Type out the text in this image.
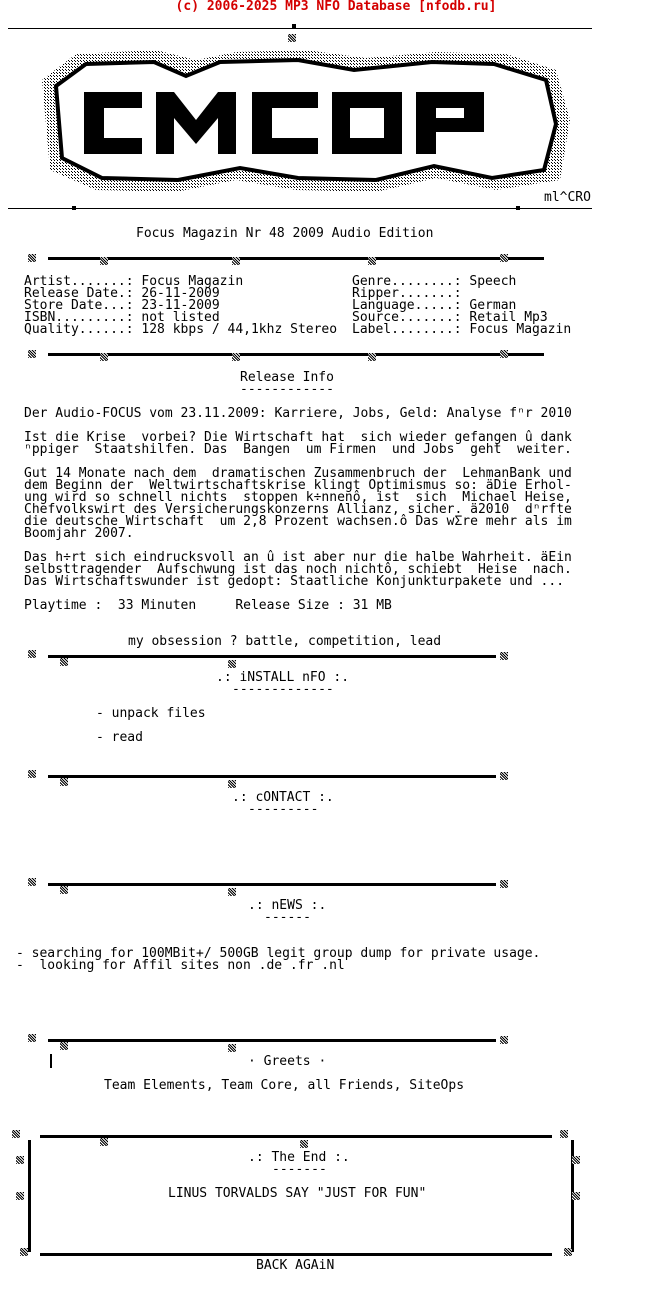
(c) 2006-2025 MP3 NFO Database [nfodb.ru]
ml^CRO
Focus Magazin Nr 48 2009 Audio Edition
Artist.......: Focus Magazin
Release Date.: 26-11-2009
Store Date...: 23-11-2009
ISBN.........: not listed
Quality......: 128 kbps / 44,1khz Stereo
Genre........: Speech
Ripper.......:
Language.....: German
Source.......: Retail Mp3
Label........: Focus Magazin
Release Info
------------
Der Audio-FOCUS vom 23.11.2009: Karriere, Jobs, Geld: Analyse fⁿr 2010
Ist die Krise  vorbei? Die Wirtschaft hat  sich wieder gefangen û dank
ⁿppiger  Staatshilfen. Das  Bangen  um Firmen  und Jobs  geht  weiter.
Gut 14 Monate nach dem  dramatischen Zusammenbruch der  LehmanBank und
dem Beginn der  Weltwirtschaftskrise klingt Optimismus so: äDie Erhol-
ung wird so schnell nichts  stoppen k÷nnenô, ist  sich  Michael Heise,
Chefvolkswirt des Versicherungskonzerns Allianz, sicher. ä2010  dⁿrfte
die deutsche Wirtschaft  um 2,8 Prozent wachsen.ô Das wΣre mehr als im
Boomjahr 2007.
Das h÷rt sich eindrucksvoll an û ist aber nur die halbe Wahrheit. äEin
selbsttragender  Aufschwung ist das noch nichtô, schiebt  Heise  nach.
Das Wirtschaftswunder ist gedopt: Staatliche Konjunkturpakete und ...
Playtime :  33 Minuten     Release Size : 31 MB
my obsession ? battle, competition, lead
.: iNSTALL nFO :.
-------------
- unpack files
- read
.: cONTACT :.
---------
.: nEWS :.
------
- searching for 100MBit+/ 500GB legit group dump for private usage.
-  looking for Affil sites non .de .fr .nl
· Greets ·
Team Elements, Team Core, all Friends, SiteOps
.: The End :.
-------
LINUS TORVALDS SAY "JUST FOR FUN"
BACK AGAiN
